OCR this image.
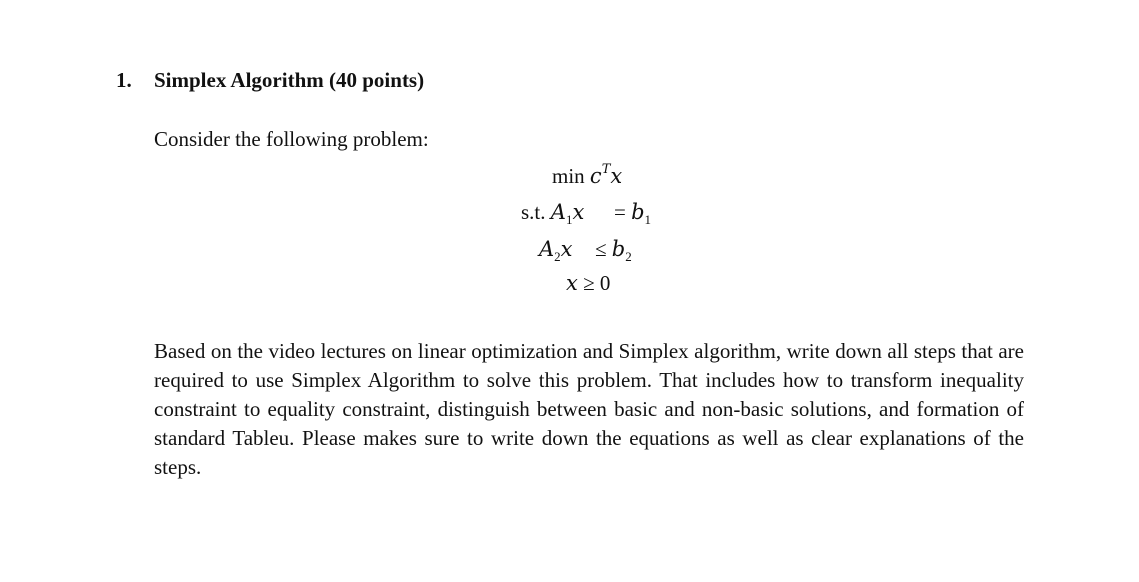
1. Simplex Algorithm (40 points)
Consider the following problem:
$\min c^Tx$
s.t. $A_1x = b_1$
$A_2x \le b_2$
x ≥ 0
Based on the video lectures on linear optimization and Simplex algorithm, write down all steps that are required to use Simplex Algorithm to solve this problem. That includes how to transform inequality constraint to equality constraint, distinguish between basic and non-basic solutions, and formation of standard Tableu. Please makes sure to write down the equations as well as clear explanations of the steps.
